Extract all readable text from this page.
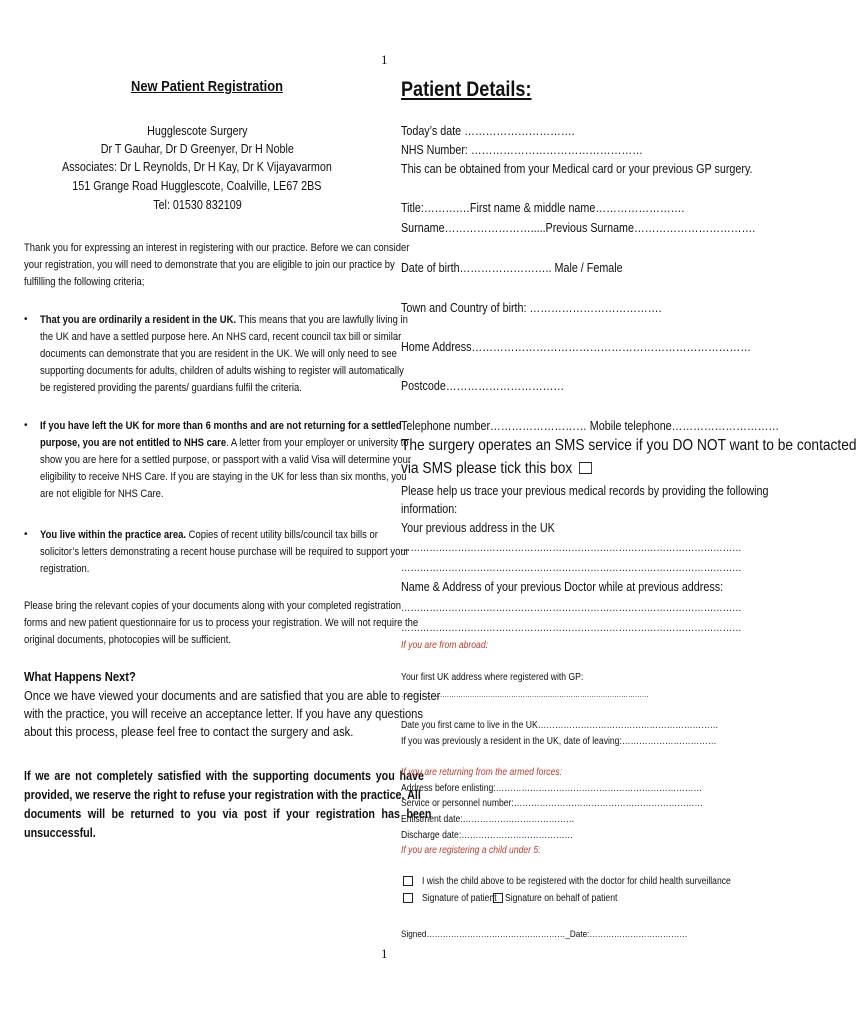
1
New Patient Registration
Hugglescote Surgery
Dr T Gauhar, Dr D Greenyer, Dr H Noble
Associates: Dr L Reynolds, Dr H Kay, Dr K Vijayavarmon
151 Grange Road Hugglescote, Coalville, LE67 2BS
Tel: 01530 832109
Thank you for expressing an interest in registering with our practice. Before we can consider
your registration, you will need to demonstrate that you are eligible to join our practice by
fulfilling the following criteria;
• That you are ordinarily a resident in the UK. This means that you are lawfully living in
the UK and have a settled purpose here. An NHS card, recent council tax bill or similar
documents can demonstrate that you are resident in the UK. We will only need to see
supporting documents for adults, children of adults wishing to register will automatically
be registered providing the parents/ guardians fulfil the criteria.
• If you have left the UK for more than 6 months and are not returning for a settled
purpose, you are not entitled to NHS care. A letter from your employer or university to
show you are here for a settled purpose, or passport with a valid Visa will determine your
eligibility to receive NHS Care. If you are staying in the UK for less than six months, you
are not eligible for NHS Care.
• You live within the practice area. Copies of recent utility bills/council tax bills or
solicitor’s letters demonstrating a recent house purchase will be required to support your
registration.
Please bring the relevant copies of your documents along with your completed registration
forms and new patient questionnaire for us to process your registration. We will not require the
original documents, photocopies will be sufficient.
What Happens Next?
Once we have viewed your documents and are satisfied that you are able to register
with the practice, you will receive an acceptance letter. If you have any questions
about this process, please feel free to contact the surgery and ask.
If we are not completely satisfied with the supporting documents you have
provided, we reserve the right to refuse your registration with the practice. All
documents will be returned to you via post if your registration has been
unsuccessful.
Patient Details:
Today’s date ………………………….
NHS Number: …………………………………………
This can be obtained from your Medical card or your previous GP surgery.
Title:……….…First name & middle name…………………….
Surname…………………….....Previous Surname…………………………….
Date of birth…………………….. Male / Female
Town and Country of birth: ……………………………….
Home Address……………………………………………………………………
Postcode……………………………
Telephone number……………………… Mobile telephone…………………………
The surgery operates an SMS service if you DO NOT want to be contacted
via SMS please tick this box
Please help us trace your previous medical records by providing the following
information:
Your previous address in the UK
………………………………………………………………………………………………
………………………………………………………………………………………………
Name & Address of your previous Doctor while at previous address:
………………………………………………………………………………………………
………………………………………………………………………………………………
If you are from abroad:
Your first UK address where registered with GP:
………………………………………………………………………………………………
Date you first came to live in the UK………………………………………………………
If you was previously a resident in the UK, date of leaving:……………………………
If you are returning from the armed forces:
Address before enlisting:………………………………………………………………
Service or personnel number:…………………………………………………………
Enlistment date:…………………………………
Discharge date:…………………………………
If you are registering a child under 5:
I wish the child above to be registered with the doctor for child health surveillance
Signature of patient Signature on behalf of patient
Signed……………………………………………_Date:………………………………
1
